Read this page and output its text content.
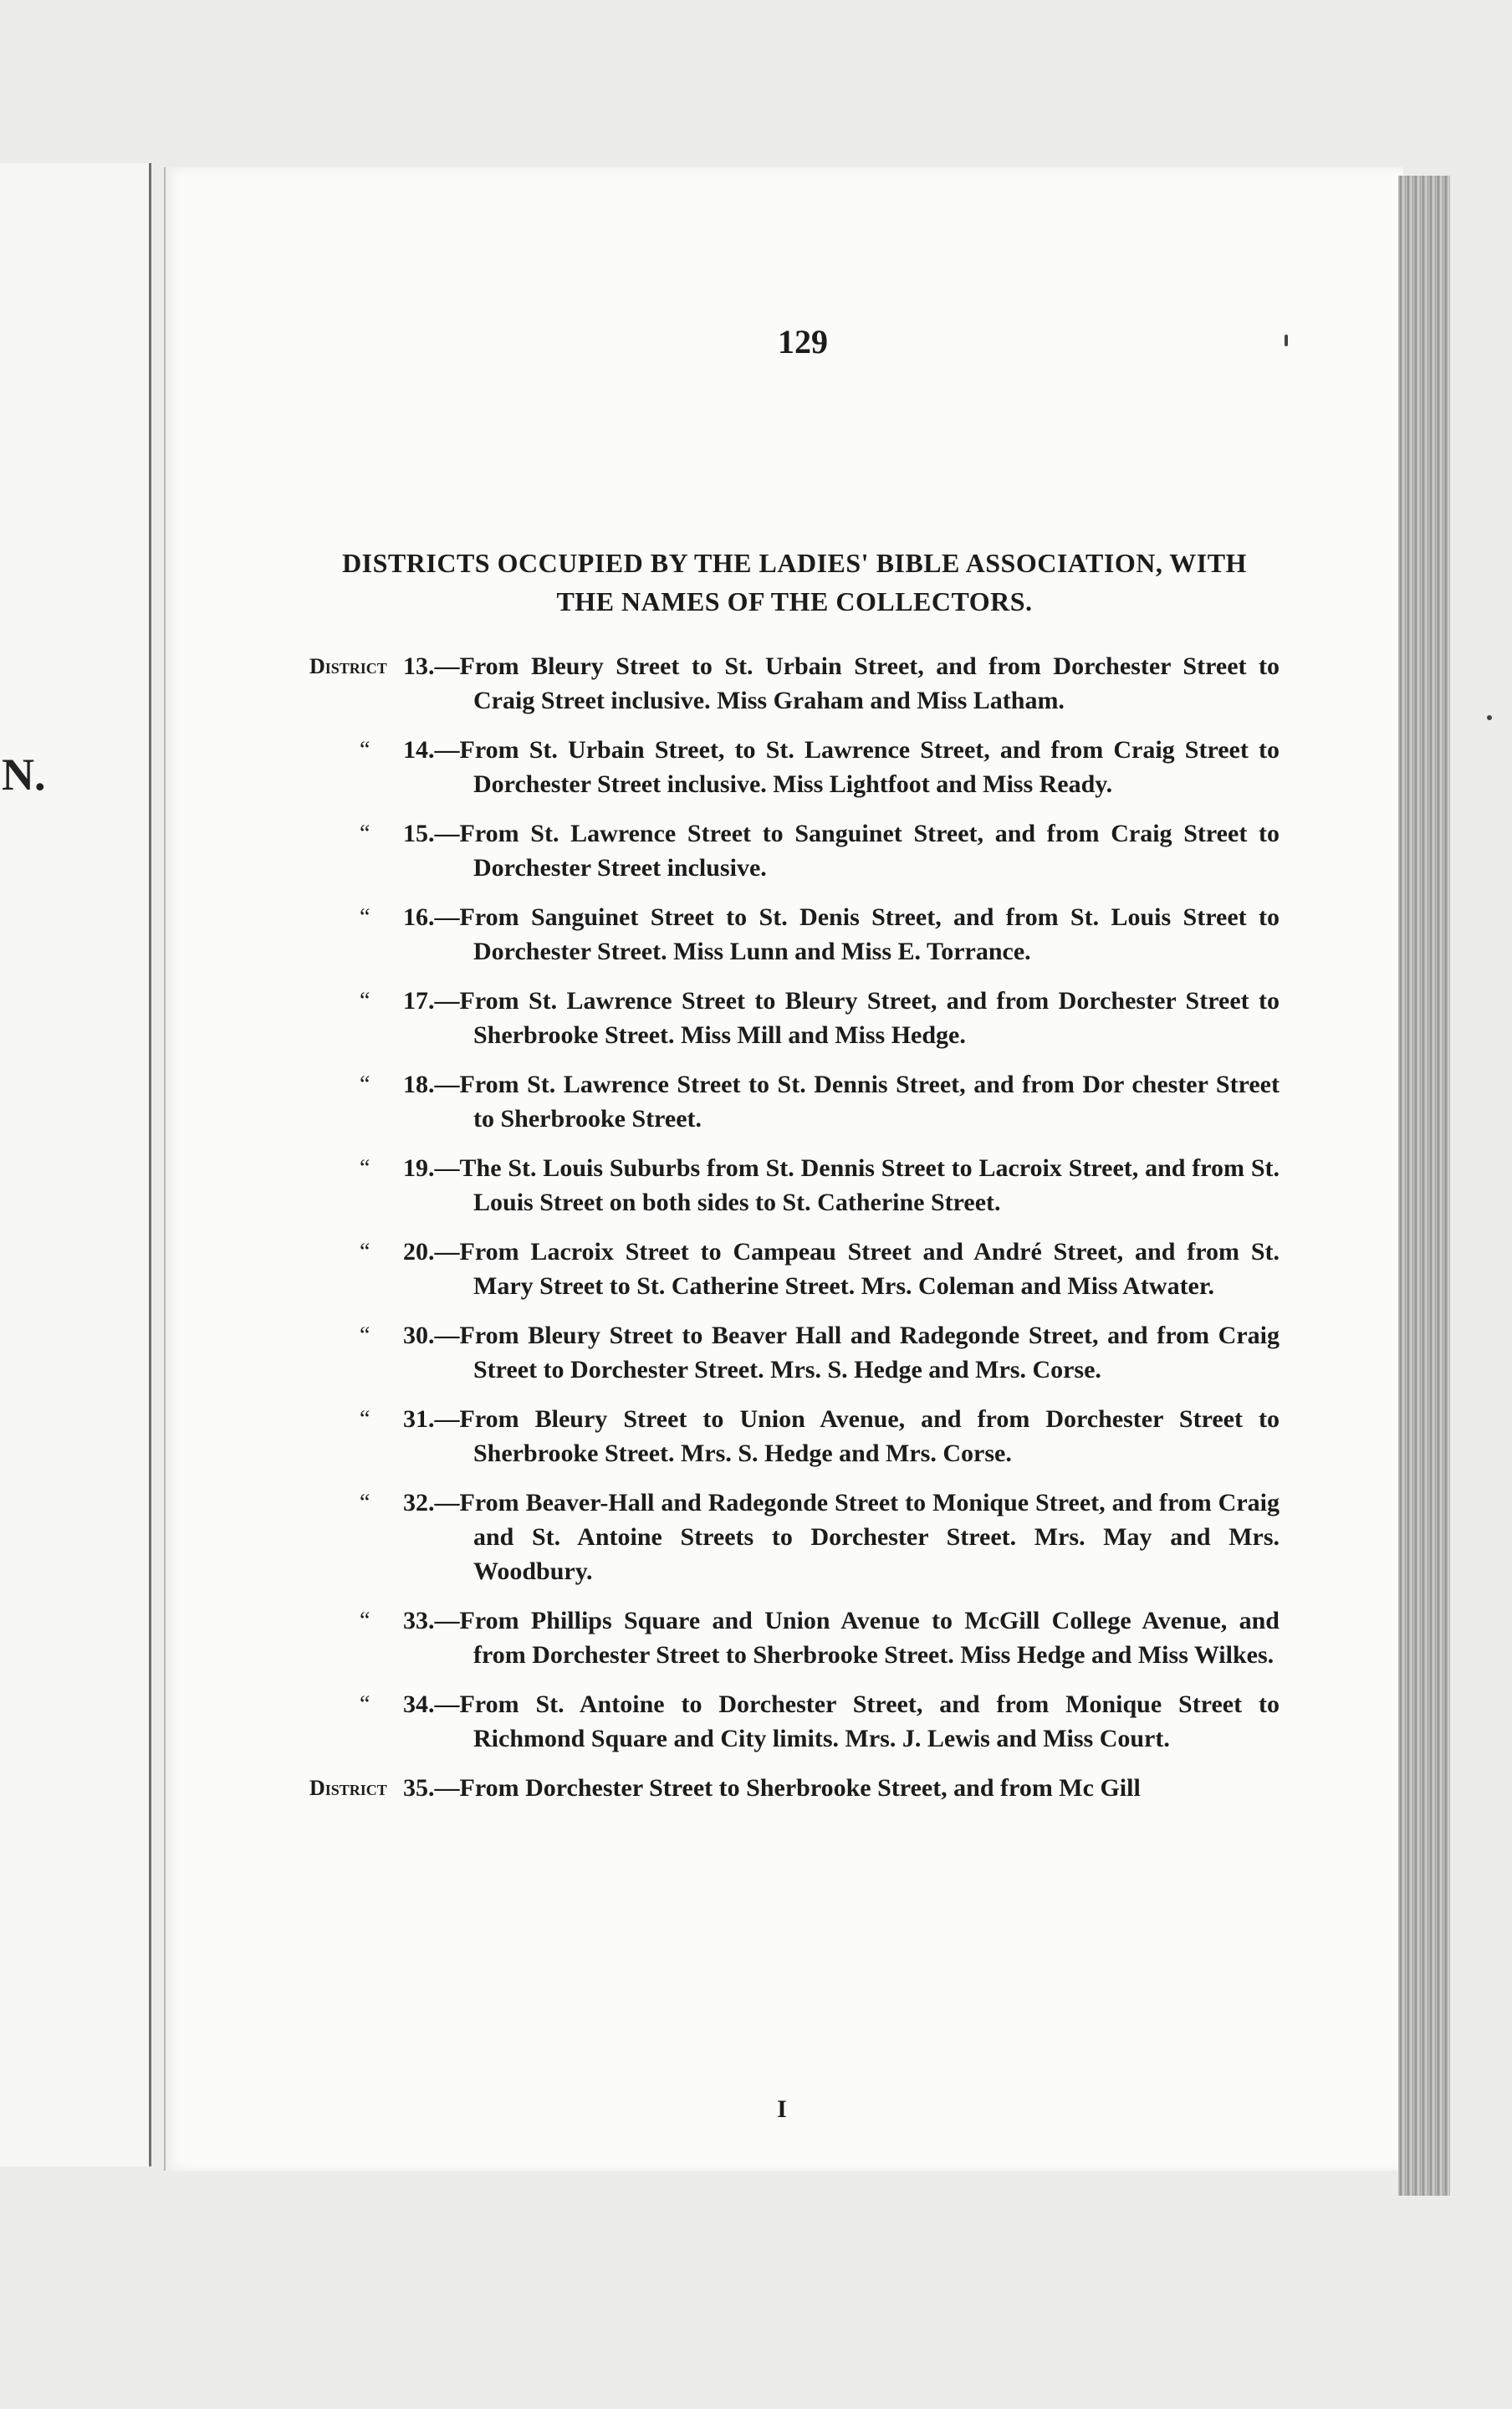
N.
129
DISTRICTS OCCUPIED BY THE LADIES' BIBLE ASSOCIATION, WITH
THE NAMES OF THE COLLECTORS.
District 13.—From Bleury Street to St. Urbain Street, and from Dorchester Street to Craig Street inclusive. Miss Graham and Miss Latham.
“ 14.—From St. Urbain Street, to St. Lawrence Street, and from Craig Street to Dorchester Street inclusive. Miss Lightfoot and Miss Ready.
“ 15.—From St. Lawrence Street to Sanguinet Street, and from Craig Street to Dorchester Street inclusive.
“ 16.—From Sanguinet Street to St. Denis Street, and from St. Louis Street to Dorchester Street. Miss Lunn and Miss E. Torrance.
“ 17.—From St. Lawrence Street to Bleury Street, and from Dorchester Street to Sherbrooke Street. Miss Mill and Miss Hedge.
“ 18.—From St. Lawrence Street to St. Dennis Street, and from Dor chester Street to Sherbrooke Street.
“ 19.—The St. Louis Suburbs from St. Dennis Street to Lacroix Street, and from St. Louis Street on both sides to St. Catherine Street.
“ 20.—From Lacroix Street to Campeau Street and André Street, and from St. Mary Street to St. Catherine Street. Mrs. Coleman and Miss Atwater.
“ 30.—From Bleury Street to Beaver Hall and Radegonde Street, and from Craig Street to Dorchester Street. Mrs. S. Hedge and Mrs. Corse.
“ 31.—From Bleury Street to Union Avenue, and from Dorchester Street to Sherbrooke Street. Mrs. S. Hedge and Mrs. Corse.
“ 32.—From Beaver-Hall and Radegonde Street to Monique Street, and from Craig and St. Antoine Streets to Dorchester Street. Mrs. May and Mrs. Woodbury.
“ 33.—From Phillips Square and Union Avenue to McGill College Avenue, and from Dorchester Street to Sherbrooke Street. Miss Hedge and Miss Wilkes.
“ 34.—From St. Antoine to Dorchester Street, and from Monique Street to Richmond Square and City limits. Mrs. J. Lewis and Miss Court.
District 35.—From Dorchester Street to Sherbrooke Street, and from Mc Gill
I
